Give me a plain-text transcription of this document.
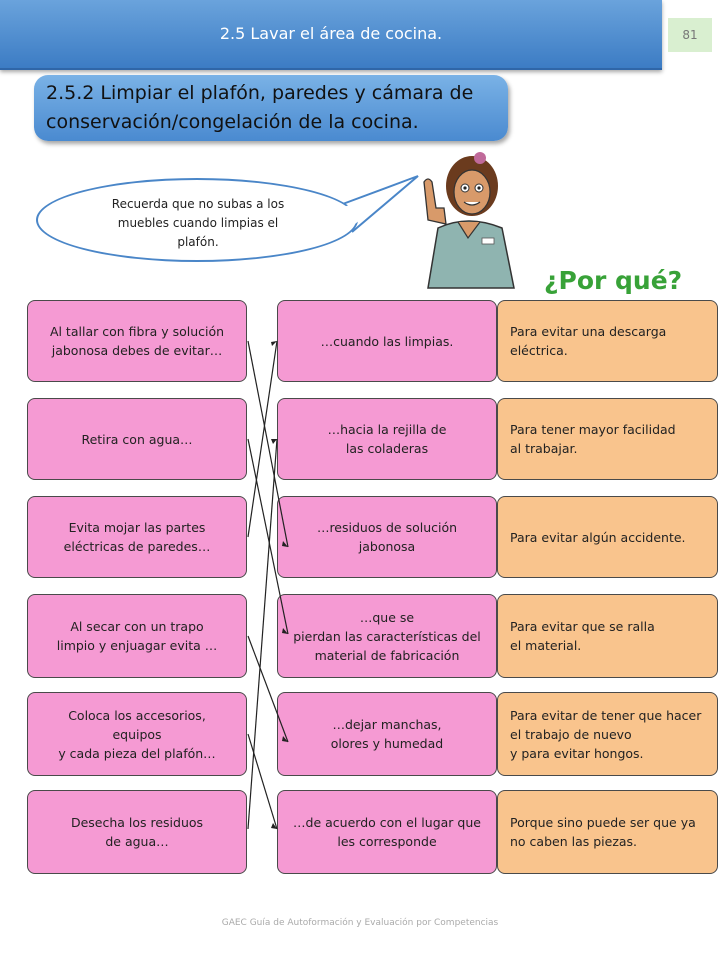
2.5 Lavar el área de cocina.	81
2.5.2 Limpiar el plafón, paredes y cámara de
conservación/congelación de la cocina.
Recuerda que no subas a los
muebles cuando limpias el
plafón.
¿Por qué?
Al tallar con fibra y solución
jabonosa debes de evitar…
Retira con agua…
Evita mojar las partes
eléctricas de paredes…
Al secar con un trapo
limpio y enjuagar evita …
Coloca los accesorios,
equipos
y cada pieza del plafón…
Desecha los residuos
de agua…
…cuando las limpias.
…hacia la rejilla de
las coladeras
…residuos de solución
jabonosa
…que se
pierdan las características del
material de fabricación
…dejar manchas,
olores y humedad
…de acuerdo con el lugar que
les corresponde
Para evitar una descarga
eléctrica.
Para tener mayor facilidad
al trabajar.
Para evitar algún accidente.
Para evitar que se ralla
el material.
Para evitar de tener que hacer
el trabajo de nuevo
y para evitar hongos.
Porque sino puede ser que ya
no caben las piezas.
GAEC Guía de Autoformación y Evaluación por Competencias
